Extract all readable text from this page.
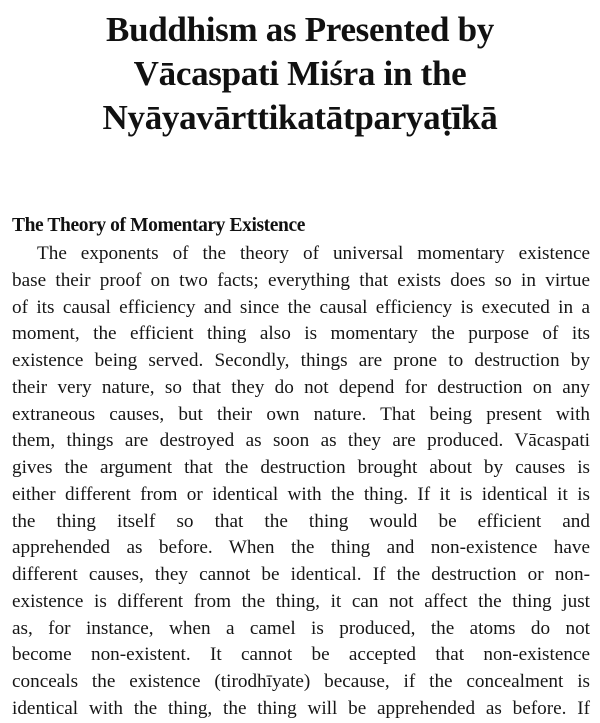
Buddhism as Presented by
Vācaspati Miśra in the
Nyāyavārttikatātparyaṭīkā
The Theory of Momentary Existence
The exponents of the theory of universal momentary existence
base their proof on two facts; everything that exists does so in virtue
of its causal efficiency and since the causal efficiency is executed in a
moment, the efficient thing also is momentary the purpose of its
existence being served. Secondly, things are prone to destruction by
their very nature, so that they do not depend for destruction on any
extraneous causes, but their own nature. That being present with
them, things are destroyed as soon as they are produced. Vācaspati
gives the argument that the destruction brought about by causes is
either different from or identical with the thing. If it is identical it is
the thing itself so that the thing would be efficient and
apprehended as before. When the thing and non-existence have
different causes, they cannot be identical. If the destruction or non-
existence is different from the thing, it can not affect the thing just
as, for instance, when a camel is produced, the atoms do not
become non-existent. It cannot be accepted that non-existence
conceals the existence (tirodhīyate) because, if the concealment is
identical with the thing, the thing will be apprehended as before. If
